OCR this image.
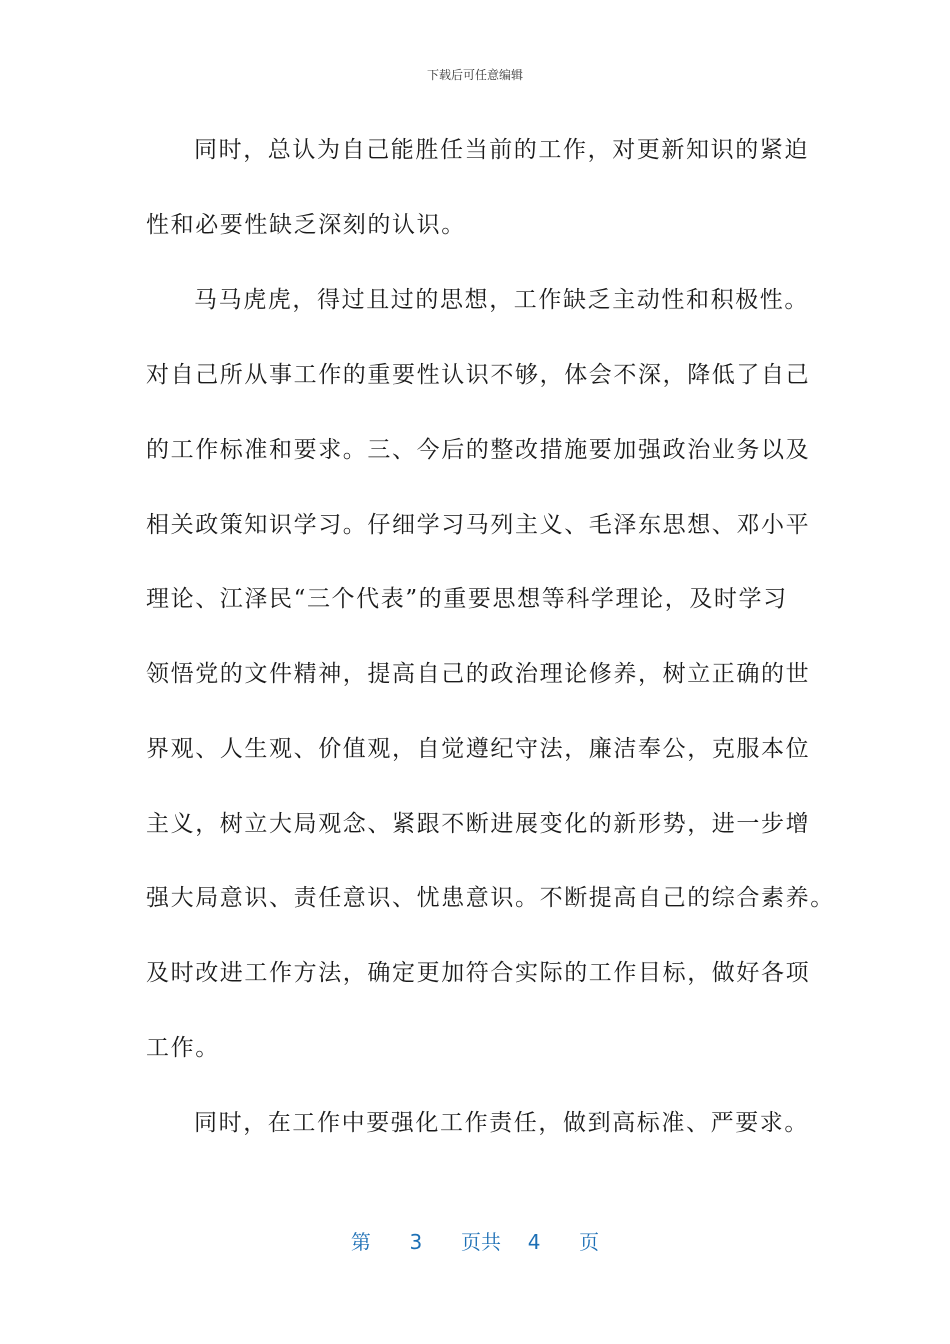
下载后可任意编辑
同时，总认为自己能胜任当前的工作，对更新知识的紧迫
性和必要性缺乏深刻的认识。
马马虎虎，得过且过的思想，工作缺乏主动性和积极性。
对自己所从事工作的重要性认识不够，体会不深，降低了自己
的工作标准和要求。三、今后的整改措施要加强政治业务以及
相关政策知识学习。仔细学习马列主义、毛泽东思想、邓小平
理论、江泽民“三个代表”的重要思想等科学理论，及时学习
领悟党的文件精神，提高自己的政治理论修养，树立正确的世
界观、人生观、价值观，自觉遵纪守法，廉洁奉公，克服本位
主义，树立大局观念、紧跟不断进展变化的新形势，进一步增
强大局意识、责任意识、忧患意识。不断提高自己的综合素养。
及时改进工作方法，确定更加符合实际的工作目标，做好各项
工作。
同时，在工作中要强化工作责任，做到高标准、严要求。
第 3 页共 4 页
